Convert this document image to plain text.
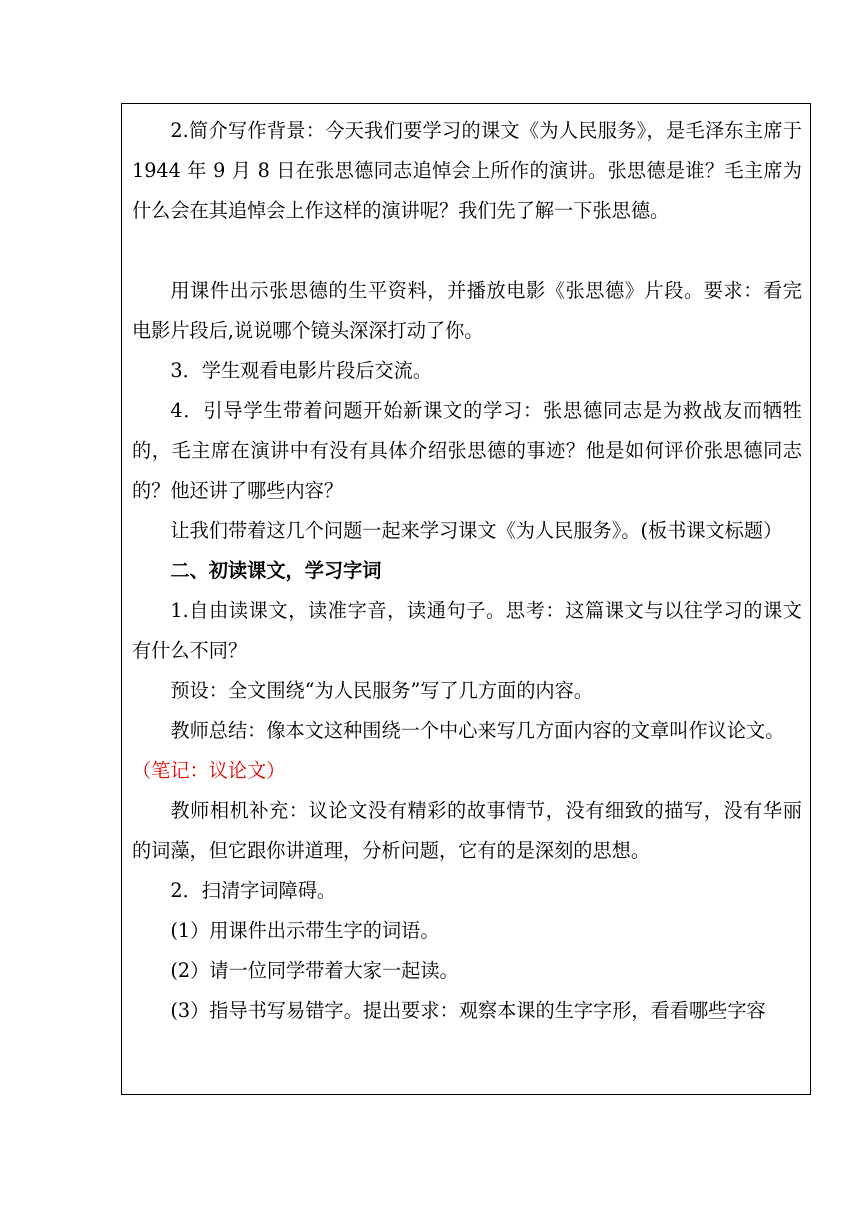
2.简介写作背景：今天我们要学习的课文《为人民服务》，是毛泽东主席于 1944 年 9 月 8 日在张思德同志追悼会上所作的演讲。张思德是谁？毛主席为什么会在其追悼会上作这样的演讲呢？我们先了解一下张思德。

用课件出示张思德的生平资料，并播放电影《张思德》片段。要求：看完电影片段后,说说哪个镜头深深打动了你。

3．学生观看电影片段后交流。

4．引导学生带着问题开始新课文的学习：张思德同志是为救战友而牺牲的，毛主席在演讲中有没有具体介绍张思德的事迹？他是如何评价张思德同志的？他还讲了哪些内容？

让我们带着这几个问题一起来学习课文《为人民服务》。(板书课文标题）

二、初读课文，学习字词

1.自由读课文，读准字音，读通句子。思考：这篇课文与以往学习的课文有什么不同？

预设：全文围绕“为人民服务”写了几方面的内容。

教师总结：像本文这种围绕一个中心来写几方面内容的文章叫作议论文。

（笔记：议论文）

教师相机补充：议论文没有精彩的故事情节，没有细致的描写，没有华丽的词藻，但它跟你讲道理，分析问题，它有的是深刻的思想。

2．扫清字词障碍。

(1）用课件出示带生字的词语。

(2）请一位同学带着大家一起读。

(3）指导书写易错字。提出要求：观察本课的生字字形，看看哪些字容
